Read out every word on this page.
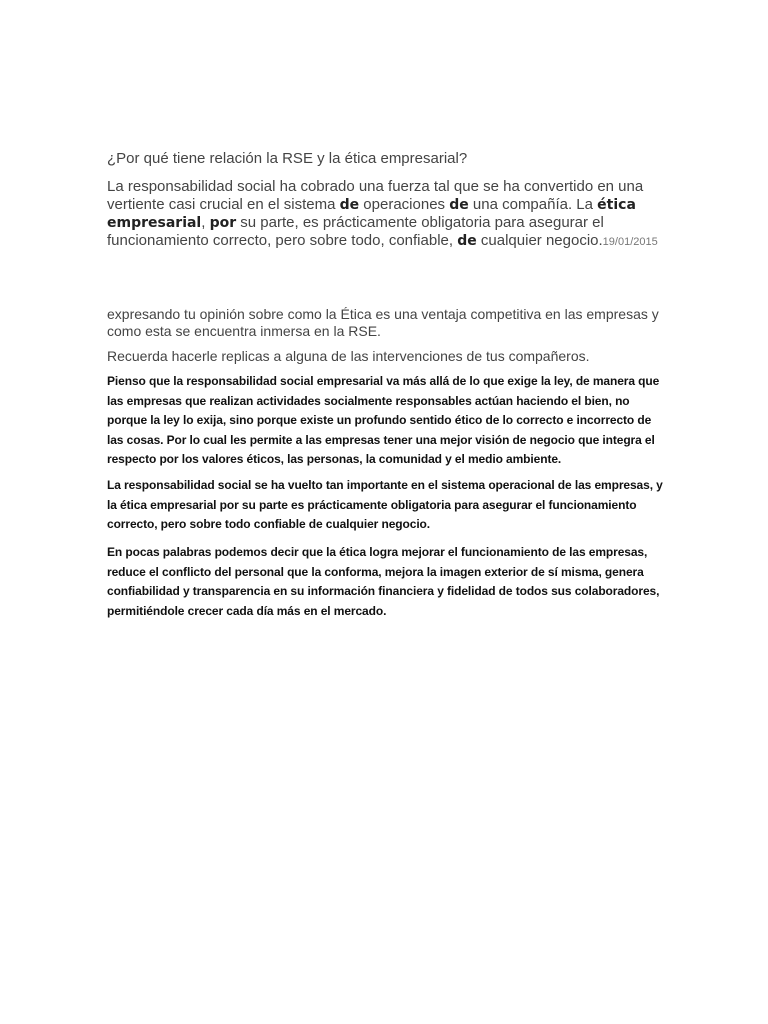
¿Por qué tiene relación la RSE y la ética empresarial?

La responsabilidad social ha cobrado una fuerza tal que se ha convertido en una vertiente casi crucial en el sistema de operaciones de una compañía. La ética empresarial, por su parte, es prácticamente obligatoria para asegurar el funcionamiento correcto, pero sobre todo, confiable, de cualquier negocio.19/01/2015

expresando tu opinión sobre como la Ética es una ventaja competitiva en las empresas y como esta se encuentra inmersa en la RSE.

Recuerda hacerle replicas a alguna de las intervenciones de tus compañeros.

Pienso que la responsabilidad social empresarial va más allá de lo que exige la ley, de manera que las empresas que realizan actividades socialmente responsables actúan haciendo el bien, no porque la ley lo exija, sino porque existe un profundo sentido ético de lo correcto e incorrecto de las cosas. Por lo cual les permite a las empresas tener una mejor visión de negocio que integra el respecto por los valores éticos, las personas, la comunidad y el medio ambiente.

La responsabilidad social se ha vuelto tan importante en el sistema operacional de las empresas, y la ética empresarial por su parte es prácticamente obligatoria para asegurar el funcionamiento correcto, pero sobre todo confiable de cualquier negocio.

En pocas palabras podemos decir que la ética logra mejorar el funcionamiento de las empresas, reduce el conflicto del personal que la conforma, mejora la imagen exterior de sí misma, genera confiabilidad y transparencia en su información financiera y fidelidad de todos sus colaboradores, permitiéndole crecer cada día más en el mercado.
